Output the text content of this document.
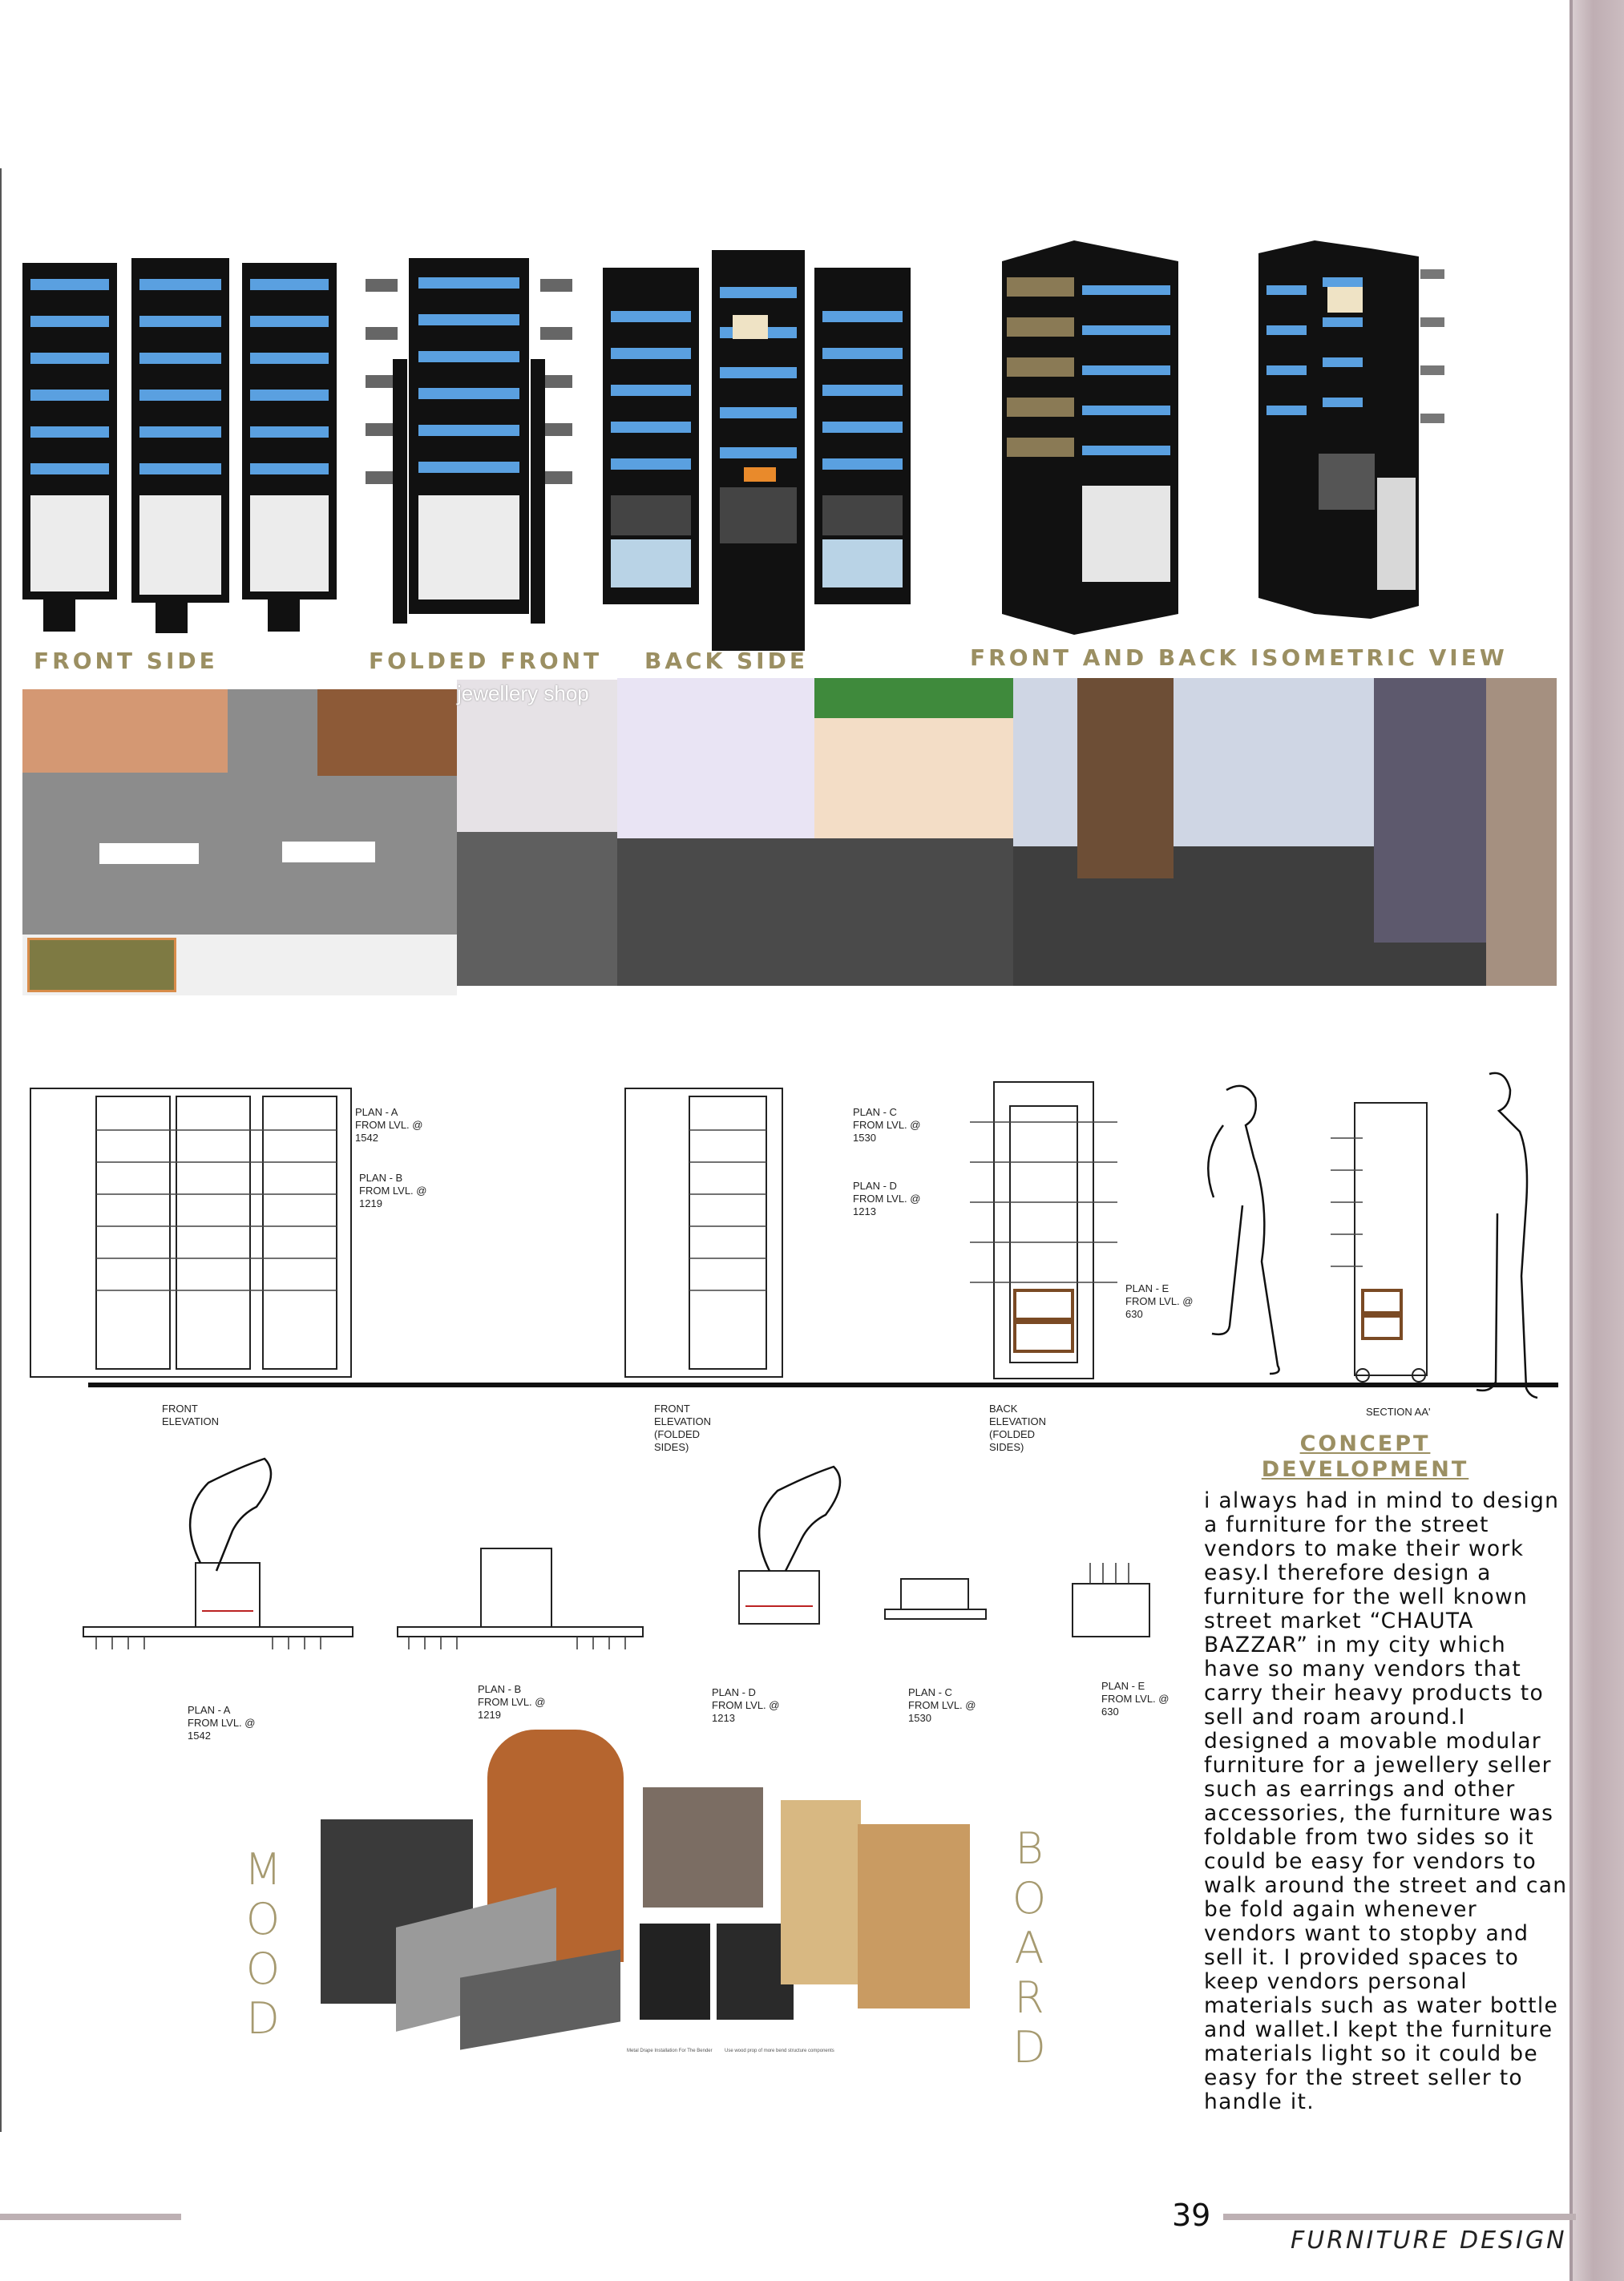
FRONT SIDE	FOLDED FRONT BACK SIDE	FRONT AND BACK ISOMETRIC VIEW
jewellery shop
PLAN - A
FROM LVL. @
1542
PLAN - B
FROM LVL. @
1219
PLAN - C
FROM LVL. @
1530
PLAN - D
FROM LVL. @
1213
PLAN - E
FROM LVL. @
630
FRONT
ELEVATION
FRONT
ELEVATION
(FOLDED
SIDES)
BACK
ELEVATION
(FOLDED
SIDES)
SECTION AA'
PLAN - A
FROM LVL. @
1542
PLAN - B
FROM LVL. @
1219
PLAN - D
FROM LVL. @
1213
PLAN - C
FROM LVL. @
1530
PLAN - E
FROM LVL. @
630
CONCEPT
DEVELOPMENT
i always had in mind to design a furniture for the street vendors to make their work easy.I therefore design a furniture for the well known street market “CHAUTA BAZZAR” in my city which have so many vendors that carry their heavy products to sell and roam around.I designed a movable modular furniture for a jewellery seller such as earrings and other accessories, the furniture was foldable from two sides so it could be easy for vendors to walk around the street and can be fold again whenever vendors want to stopby and sell it. I provided spaces to keep vendors personal materials such as water bottle and wallet.I kept the furniture materials light so it could be easy for the street seller to handle it.
MOOD
BOARD
Metal Drape Installation For The Bender	Use wood prop of more bend structure components
39
FURNITURE DESIGN
